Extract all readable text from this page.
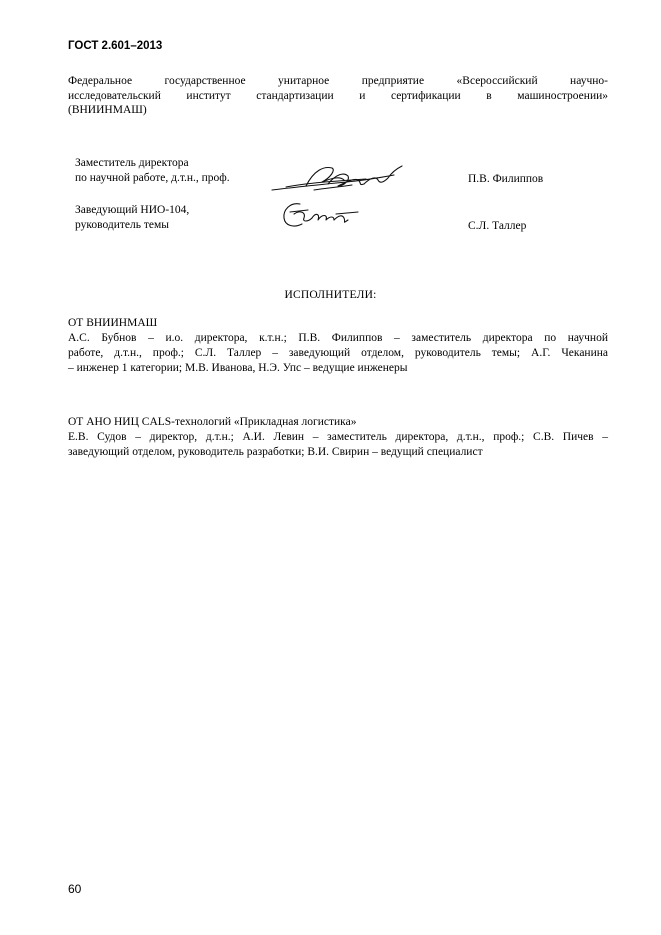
ГОСТ 2.601–2013
Федеральное государственное унитарное предприятие «Всероссийский научно-
исследовательский институт стандартизации и сертификации в машиностроении»
(ВНИИНМАШ)
Заместитель директора
по научной работе, д.т.н., проф.	П.В. Филиппов
Заведующий НИО-104,
руководитель темы	С.Л. Таллер
ИСПОЛНИТЕЛИ:
ОТ ВНИИНМАШ
А.С. Бубнов – и.о. директора, к.т.н.; П.В. Филиппов – заместитель директора по научной
работе, д.т.н., проф.; С.Л. Таллер – заведующий отделом, руководитель темы; А.Г. Чеканина
– инженер 1 категории; М.В. Иванова, Н.Э. Упс – ведущие инженеры
ОТ АНО НИЦ CALS-технологий «Прикладная логистика»
Е.В. Судов – директор, д.т.н.; А.И. Левин – заместитель директора, д.т.н., проф.; С.В. Пичев –
заведующий отделом, руководитель разработки; В.И. Свирин – ведущий специалист
60
